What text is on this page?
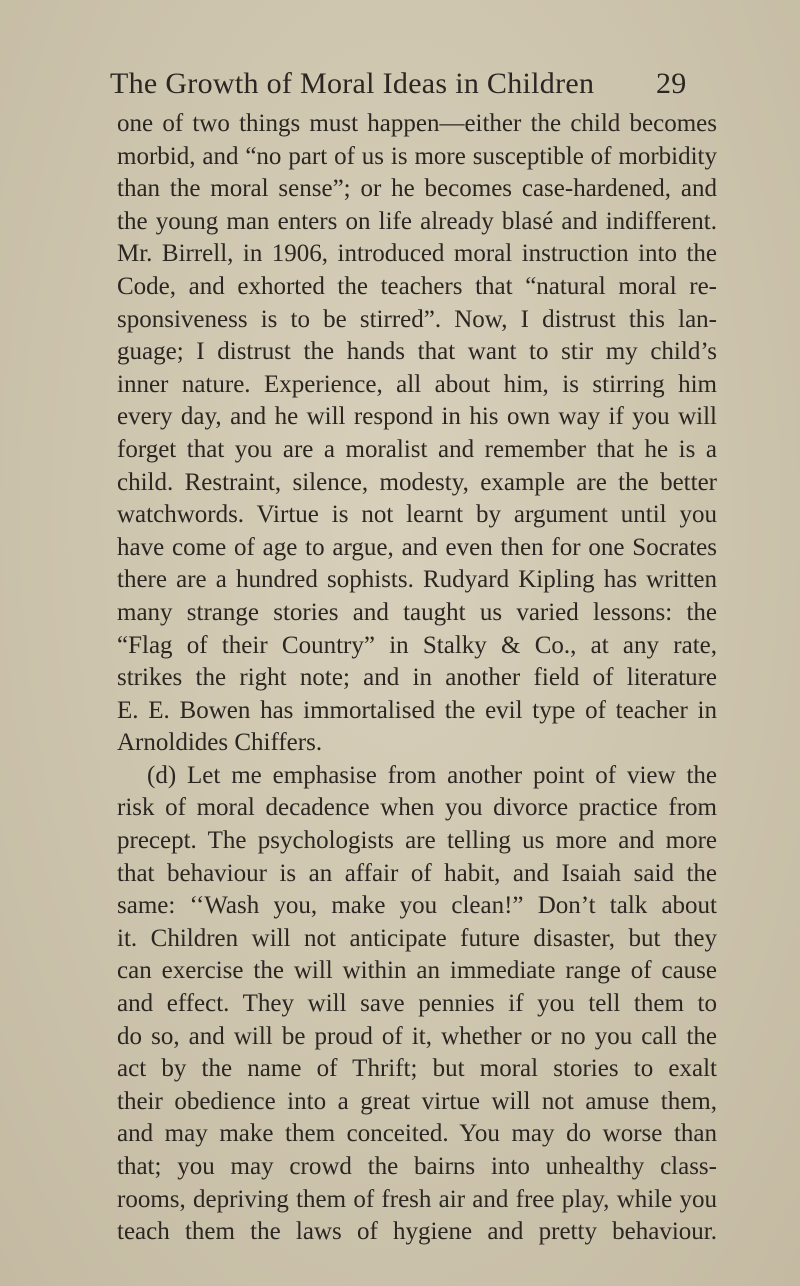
The Growth of Moral Ideas in Children 29
one of two things must happen—either the child becomes
morbid, and “no part of us is more susceptible of morbidity
than the moral sense”; or he becomes case-hardened, and
the young man enters on life already blasé and indifferent.
Mr. Birrell, in 1906, introduced moral instruction into the
Code, and exhorted the teachers that “natural moral re-
sponsiveness is to be stirred”. Now, I distrust this lan-
guage; I distrust the hands that want to stir my child’s
inner nature. Experience, all about him, is stirring him
every day, and he will respond in his own way if you will
forget that you are a moralist and remember that he is a
child. Restraint, silence, modesty, example are the better
watchwords. Virtue is not learnt by argument until you
have come of age to argue, and even then for one Socrates
there are a hundred sophists. Rudyard Kipling has written
many strange stories and taught us varied lessons: the
“Flag of their Country” in Stalky & Co., at any rate,
strikes the right note; and in another field of literature
E. E. Bowen has immortalised the evil type of teacher in
Arnoldides Chiffers.
(d) Let me emphasise from another point of view the
risk of moral decadence when you divorce practice from
precept. The psychologists are telling us more and more
that behaviour is an affair of habit, and Isaiah said the
same: ‘‘Wash you, make you clean!” Don’t talk about
it. Children will not anticipate future disaster, but they
can exercise the will within an immediate range of cause
and effect. They will save pennies if you tell them to
do so, and will be proud of it, whether or no you call the
act by the name of Thrift; but moral stories to exalt
their obedience into a great virtue will not amuse them,
and may make them conceited. You may do worse than
that; you may crowd the bairns into unhealthy class-
rooms, depriving them of fresh air and free play, while you
teach them the laws of hygiene and pretty behaviour.
